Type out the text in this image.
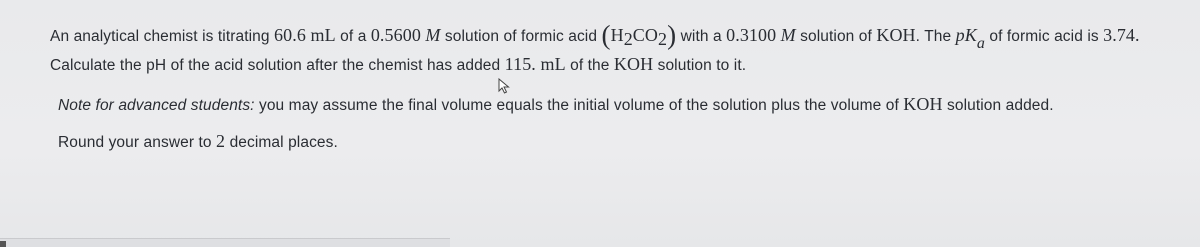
An analytical chemist is titrating 60.6 mL of a 0.5600 M solution of formic acid $(H_2CO_2)$ with a 0.3100 M solution of KOH. The pKa of formic acid is 3.74.
Calculate the pH of the acid solution after the chemist has added 115. mL of the KOH solution to it.
Note for advanced students: you may assume the final volume equals the initial volume of the solution plus the volume of KOH solution added.
Round your answer to 2 decimal places.
